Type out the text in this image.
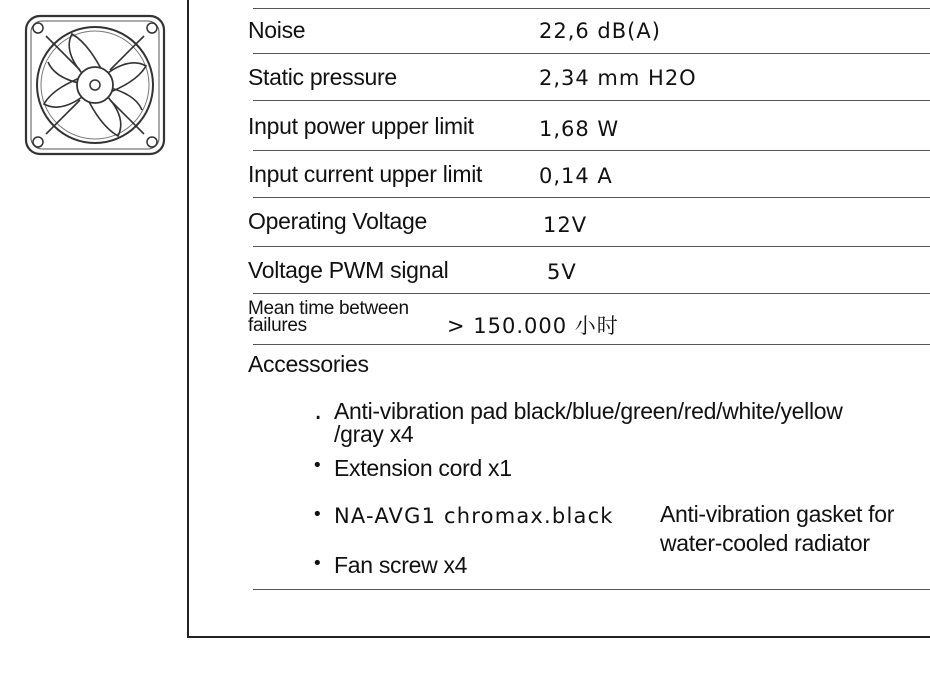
Noise	22,6 dB(A)
Static pressure	2,34 mm H2O
Input power upper limit	1,68 W
Input current upper limit	0,14 A
Operating Voltage	12V
Voltage PWM signal	5V
Mean time between
failures	> 150.000 小时
Accessories
. Anti-vibration pad black/blue/green/red/white/yellow
/gray x4
• Extension cord x1
• NA-AVG1 chromax.black Anti-vibration gasket for
water-cooled radiator
• Fan screw x4
